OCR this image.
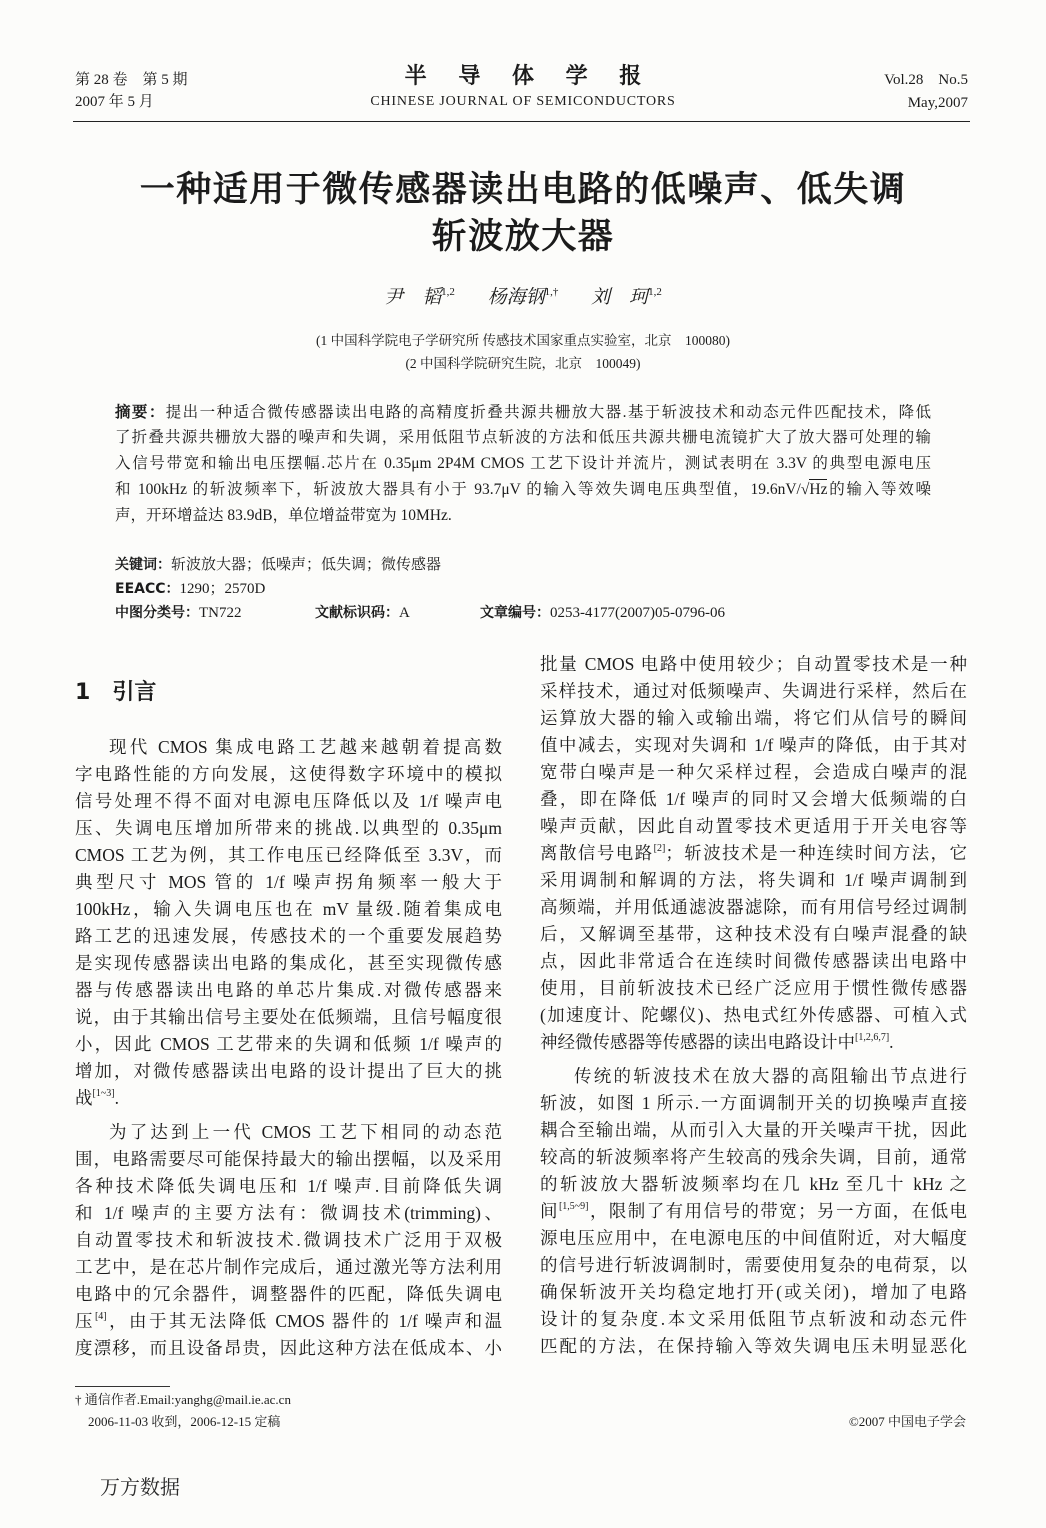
第 28 卷　第 5 期
2007 年 5 月
半 导 体 学 报
CHINESE JOURNAL OF SEMICONDUCTORS
Vol.28　No.5
May,2007
一种适用于微传感器读出电路的低噪声、低失调
斩波放大器
尹　韬$^{1,2}$ 杨海钢$^{1,\dagger}$ 刘　珂$^{1,2}$
(1 中国科学院电子学研究所 传感技术国家重点实验室，北京　100080)
(2 中国科学院研究生院，北京　100049)
摘要：提出一种适合微传感器读出电路的高精度折叠共源共栅放大器.基于斩波技术和动态元件匹配技术，降低
了折叠共源共栅放大器的噪声和失调，采用低阻节点斩波的方法和低压共源共栅电流镜扩大了放大器可处理的输
入信号带宽和输出电压摆幅.芯片在 0.35μm 2P4M CMOS 工艺下设计并流片，测试表明在 3.3V 的典型电源电压
和 100kHz 的斩波频率下，斩波放大器具有小于 93.7μV 的输入等效失调电压典型值，19.6nV/√Hz的输入等效噪
声，开环增益达 83.9dB，单位增益带宽为 10MHz.
关键词：斩波放大器；低噪声；低失调；微传感器
EEACC：1290；2570D
中图分类号：TN722	文献标识码：A	文章编号：0253-4177(2007)05-0796-06
1 引言
现代 CMOS 集成电路工艺越来越朝着提高数
字电路性能的方向发展，这使得数字环境中的模拟
信号处理不得不面对电源电压降低以及 1/f 噪声电
压、失调电压增加所带来的挑战.以典型的 0.35μm
CMOS 工艺为例，其工作电压已经降低至 3.3V，而
典型尺寸 MOS 管的 1/f 噪声拐角频率一般大于
100kHz，输入失调电压也在 mV 量级.随着集成电
路工艺的迅速发展，传感技术的一个重要发展趋势
是实现传感器读出电路的集成化，甚至实现微传感
器与传感器读出电路的单芯片集成.对微传感器来
说，由于其输出信号主要处在低频端，且信号幅度很
小，因此 CMOS 工艺带来的失调和低频 1/f 噪声的
增加，对微传感器读出电路的设计提出了巨大的挑
战[1~3].
为了达到上一代 CMOS 工艺下相同的动态范
围，电路需要尽可能保持最大的输出摆幅，以及采用
各种技术降低失调电压和 1/f 噪声.目前降低失调
和 1/f 噪声的主要方法有：微调技术(trimming)、
自动置零技术和斩波技术.微调技术广泛用于双极
工艺中，是在芯片制作完成后，通过激光等方法利用
电路中的冗余器件，调整器件的匹配，降低失调电
压[4]，由于其无法降低 CMOS 器件的 1/f 噪声和温
度漂移，而且设备昂贵，因此这种方法在低成本、小
批量 CMOS 电路中使用较少；自动置零技术是一种
采样技术，通过对低频噪声、失调进行采样，然后在
运算放大器的输入或输出端，将它们从信号的瞬间
值中减去，实现对失调和 1/f 噪声的降低，由于其对
宽带白噪声是一种欠采样过程，会造成白噪声的混
叠，即在降低 1/f 噪声的同时又会增大低频端的白
噪声贡献，因此自动置零技术更适用于开关电容等
离散信号电路[2]；斩波技术是一种连续时间方法，它
采用调制和解调的方法，将失调和 1/f 噪声调制到
高频端，并用低通滤波器滤除，而有用信号经过调制
后，又解调至基带，这种技术没有白噪声混叠的缺
点，因此非常适合在连续时间微传感器读出电路中
使用，目前斩波技术已经广泛应用于惯性微传感器
(加速度计、陀螺仪)、热电式红外传感器、可植入式
神经微传感器等传感器的读出电路设计中[1,2,6,7].
传统的斩波技术在放大器的高阻输出节点进行
斩波，如图 1 所示.一方面调制开关的切换噪声直接
耦合至输出端，从而引入大量的开关噪声干扰，因此
较高的斩波频率将产生较高的残余失调，目前，通常
的斩波放大器斩波频率均在几 kHz 至几十 kHz 之
间[1,5~9]，限制了有用信号的带宽；另一方面，在低电
源电压应用中，在电源电压的中间值附近，对大幅度
的信号进行斩波调制时，需要使用复杂的电荷泵，以
确保斩波开关均稳定地打开(或关闭)，增加了电路
设计的复杂度.本文采用低阻节点斩波和动态元件
匹配的方法，在保持输入等效失调电压未明显恶化
† 通信作者.Email:yanghg@mail.ie.ac.cn
2006-11-03 收到，2006-12-15 定稿	©2007 中国电子学会
万方数据
